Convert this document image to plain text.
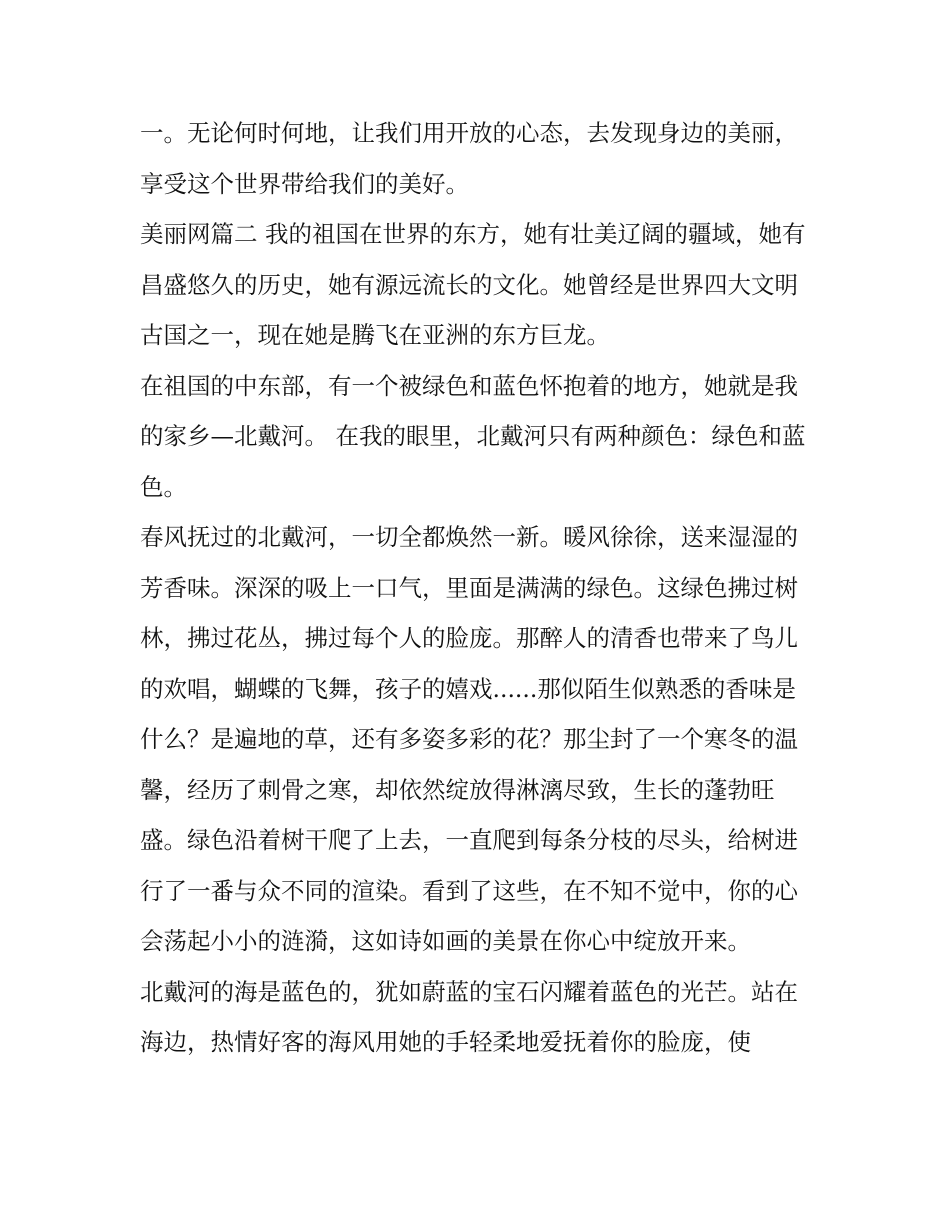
一。无论何时何地，让我们用开放的心态，去发现身边的美丽，享受这个世界带给我们的美好。

美丽网篇二 我的祖国在世界的东方，她有壮美辽阔的疆域，她有昌盛悠久的历史，她有源远流长的文化。她曾经是世界四大文明古国之一，现在她是腾飞在亚洲的东方巨龙。

在祖国的中东部，有一个被绿色和蓝色怀抱着的地方，她就是我的家乡—北戴河。 在我的眼里，北戴河只有两种颜色：绿色和蓝色。

春风抚过的北戴河，一切全都焕然一新。暖风徐徐，送来湿湿的芳香味。深深的吸上一口气，里面是满满的绿色。这绿色拂过树林，拂过花丛，拂过每个人的脸庞。那醉人的清香也带来了鸟儿的欢唱，蝴蝶的飞舞，孩子的嬉戏......那似陌生似熟悉的香味是什么？是遍地的草，还有多姿多彩的花？那尘封了一个寒冬的温馨，经历了刺骨之寒，却依然绽放得淋漓尽致，生长的蓬勃旺盛。绿色沿着树干爬了上去，一直爬到每条分枝的尽头，给树进行了一番与众不同的渲染。看到了这些，在不知不觉中，你的心会荡起小小的涟漪，这如诗如画的美景在你心中绽放开来。

北戴河的海是蓝色的，犹如蔚蓝的宝石闪耀着蓝色的光芒。站在海边，热情好客的海风用她的手轻柔地爱抚着你的脸庞，使
